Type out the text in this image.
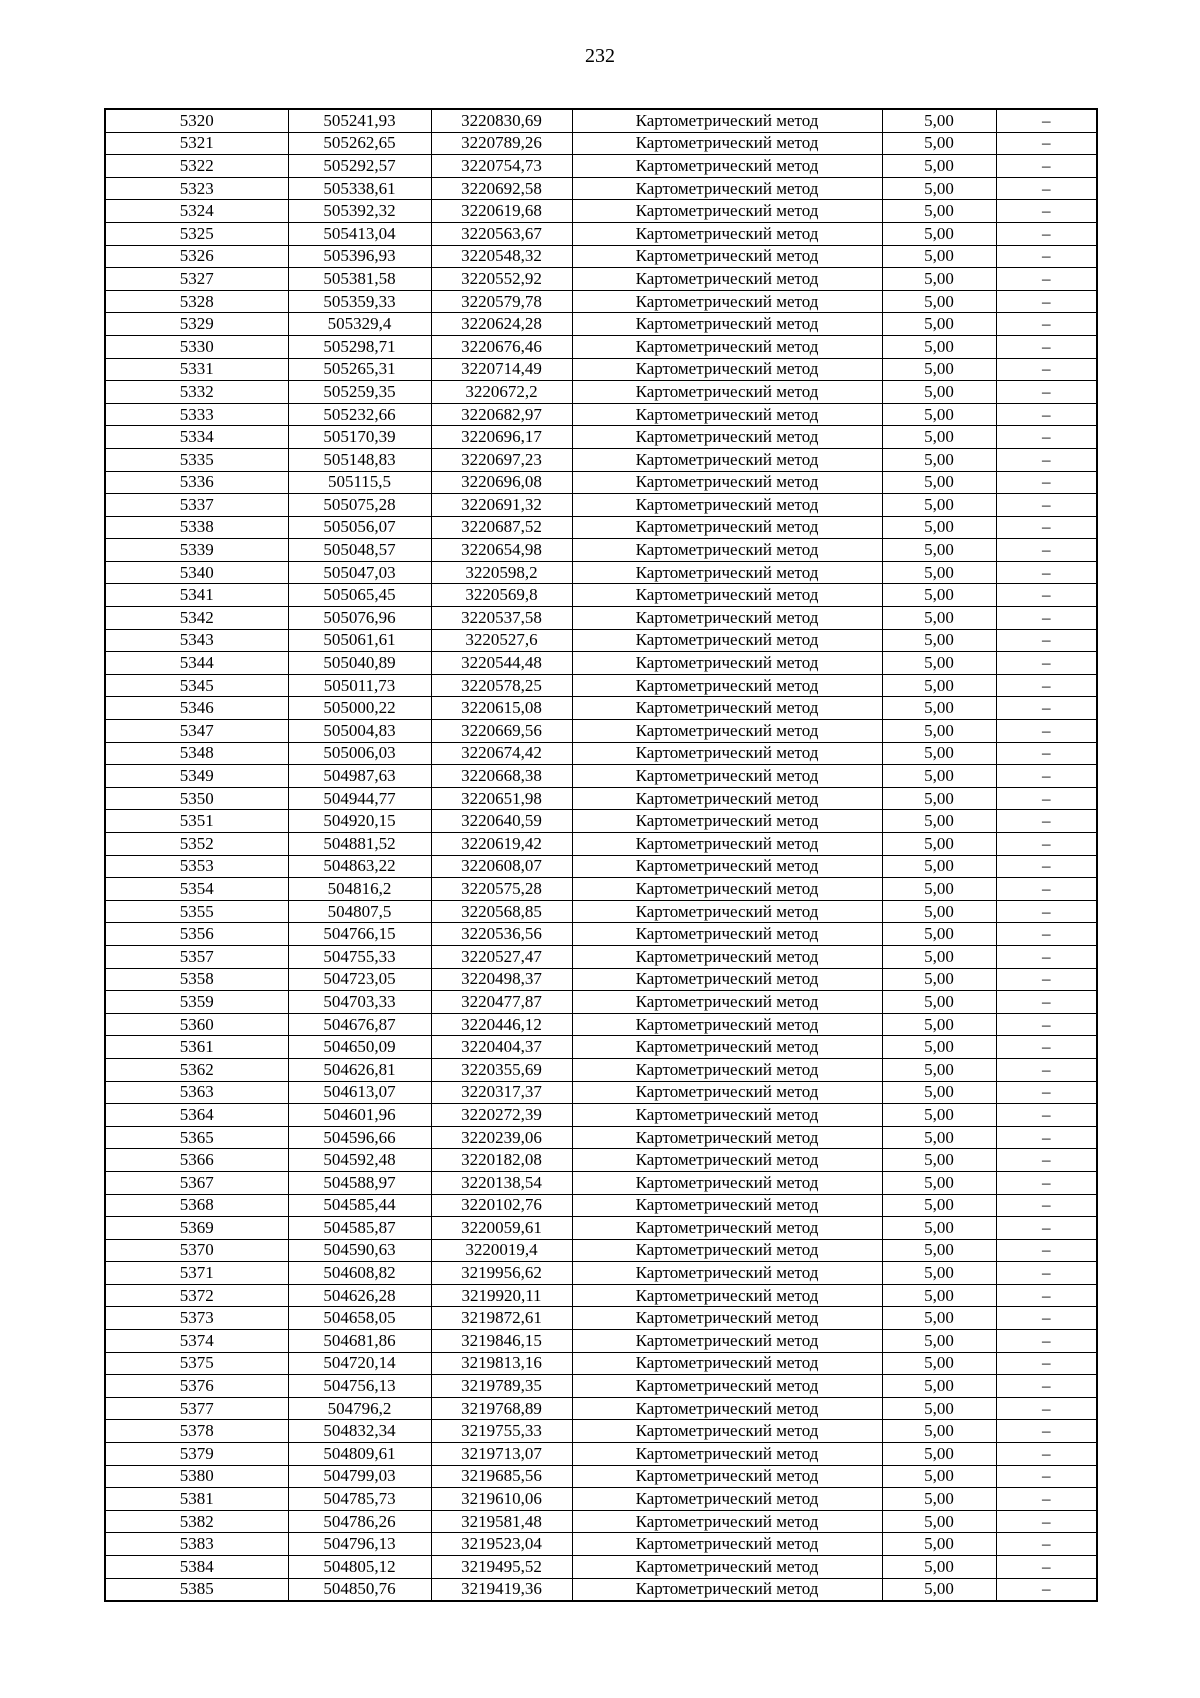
232
5320	505241,93	3220830,69	Картометрический метод	5,00	–
5321	505262,65	3220789,26	Картометрический метод	5,00	–
5322	505292,57	3220754,73	Картометрический метод	5,00	–
5323	505338,61	3220692,58	Картометрический метод	5,00	–
5324	505392,32	3220619,68	Картометрический метод	5,00	–
5325	505413,04	3220563,67	Картометрический метод	5,00	–
5326	505396,93	3220548,32	Картометрический метод	5,00	–
5327	505381,58	3220552,92	Картометрический метод	5,00	–
5328	505359,33	3220579,78	Картометрический метод	5,00	–
5329	505329,4	3220624,28	Картометрический метод	5,00	–
5330	505298,71	3220676,46	Картометрический метод	5,00	–
5331	505265,31	3220714,49	Картометрический метод	5,00	–
5332	505259,35	3220672,2	Картометрический метод	5,00	–
5333	505232,66	3220682,97	Картометрический метод	5,00	–
5334	505170,39	3220696,17	Картометрический метод	5,00	–
5335	505148,83	3220697,23	Картометрический метод	5,00	–
5336	505115,5	3220696,08	Картометрический метод	5,00	–
5337	505075,28	3220691,32	Картометрический метод	5,00	–
5338	505056,07	3220687,52	Картометрический метод	5,00	–
5339	505048,57	3220654,98	Картометрический метод	5,00	–
5340	505047,03	3220598,2	Картометрический метод	5,00	–
5341	505065,45	3220569,8	Картометрический метод	5,00	–
5342	505076,96	3220537,58	Картометрический метод	5,00	–
5343	505061,61	3220527,6	Картометрический метод	5,00	–
5344	505040,89	3220544,48	Картометрический метод	5,00	–
5345	505011,73	3220578,25	Картометрический метод	5,00	–
5346	505000,22	3220615,08	Картометрический метод	5,00	–
5347	505004,83	3220669,56	Картометрический метод	5,00	–
5348	505006,03	3220674,42	Картометрический метод	5,00	–
5349	504987,63	3220668,38	Картометрический метод	5,00	–
5350	504944,77	3220651,98	Картометрический метод	5,00	–
5351	504920,15	3220640,59	Картометрический метод	5,00	–
5352	504881,52	3220619,42	Картометрический метод	5,00	–
5353	504863,22	3220608,07	Картометрический метод	5,00	–
5354	504816,2	3220575,28	Картометрический метод	5,00	–
5355	504807,5	3220568,85	Картометрический метод	5,00	–
5356	504766,15	3220536,56	Картометрический метод	5,00	–
5357	504755,33	3220527,47	Картометрический метод	5,00	–
5358	504723,05	3220498,37	Картометрический метод	5,00	–
5359	504703,33	3220477,87	Картометрический метод	5,00	–
5360	504676,87	3220446,12	Картометрический метод	5,00	–
5361	504650,09	3220404,37	Картометрический метод	5,00	–
5362	504626,81	3220355,69	Картометрический метод	5,00	–
5363	504613,07	3220317,37	Картометрический метод	5,00	–
5364	504601,96	3220272,39	Картометрический метод	5,00	–
5365	504596,66	3220239,06	Картометрический метод	5,00	–
5366	504592,48	3220182,08	Картометрический метод	5,00	–
5367	504588,97	3220138,54	Картометрический метод	5,00	–
5368	504585,44	3220102,76	Картометрический метод	5,00	–
5369	504585,87	3220059,61	Картометрический метод	5,00	–
5370	504590,63	3220019,4	Картометрический метод	5,00	–
5371	504608,82	3219956,62	Картометрический метод	5,00	–
5372	504626,28	3219920,11	Картометрический метод	5,00	–
5373	504658,05	3219872,61	Картометрический метод	5,00	–
5374	504681,86	3219846,15	Картометрический метод	5,00	–
5375	504720,14	3219813,16	Картометрический метод	5,00	–
5376	504756,13	3219789,35	Картометрический метод	5,00	–
5377	504796,2	3219768,89	Картометрический метод	5,00	–
5378	504832,34	3219755,33	Картометрический метод	5,00	–
5379	504809,61	3219713,07	Картометрический метод	5,00	–
5380	504799,03	3219685,56	Картометрический метод	5,00	–
5381	504785,73	3219610,06	Картометрический метод	5,00	–
5382	504786,26	3219581,48	Картометрический метод	5,00	–
5383	504796,13	3219523,04	Картометрический метод	5,00	–
5384	504805,12	3219495,52	Картометрический метод	5,00	–
5385	504850,76	3219419,36	Картометрический метод	5,00	–
